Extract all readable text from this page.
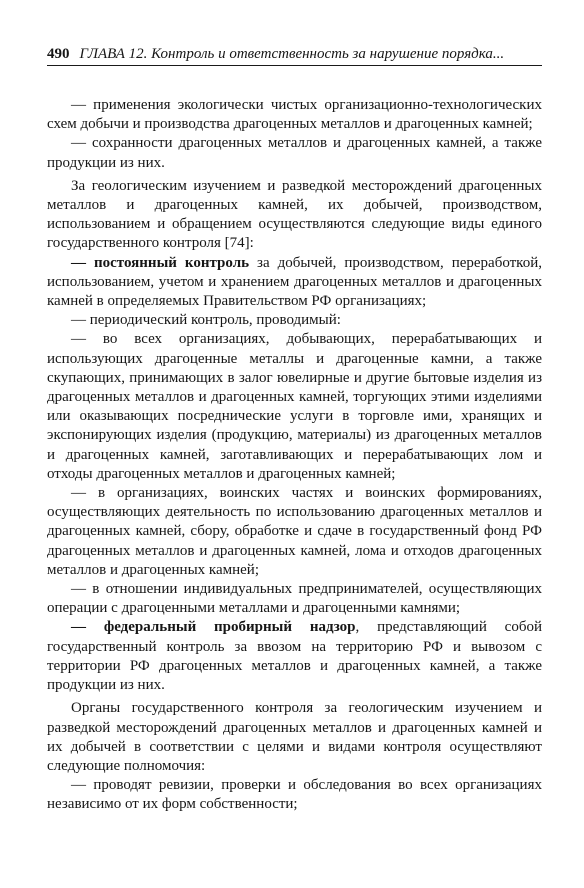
490 ГЛАВА 12. Контроль и ответственность за нарушение порядка...

— применения экологически чистых организационно-технологических схем добычи и производства драгоценных металлов и драгоценных камней;

— сохранности драгоценных металлов и драгоценных камней, а также продукции из них.

За геологическим изучением и разведкой месторождений драгоценных металлов и драгоценных камней, их добычей, производством, использованием и обращением осуществляются следующие виды единого государственного контроля [74]:

— постоянный контроль за добычей, производством, переработкой, использованием, учетом и хранением драгоценных металлов и драгоценных камней в определяемых Правительством РФ организациях;

— периодический контроль, проводимый:

— во всех организациях, добывающих, перерабатывающих и использующих драгоценные металлы и драгоценные камни, а также скупающих, принимающих в залог ювелирные и другие бытовые изделия из драгоценных металлов и драгоценных камней, торгующих этими изделиями или оказывающих посреднические услуги в торговле ими, хранящих и экспонирующих изделия (продукцию, материалы) из драгоценных металлов и драгоценных камней, заготавливающих и перерабатывающих лом и отходы драгоценных металлов и драгоценных камней;

— в организациях, воинских частях и воинских формированиях, осуществляющих деятельность по использованию драгоценных металлов и драгоценных камней, сбору, обработке и сдаче в государственный фонд РФ драгоценных металлов и драгоценных камней, лома и отходов драгоценных металлов и драгоценных камней;

— в отношении индивидуальных предпринимателей, осуществляющих операции с драгоценными металлами и драгоценными камнями;

— федеральный пробирный надзор, представляющий собой государственный контроль за ввозом на территорию РФ и вывозом с территории РФ драгоценных металлов и драгоценных камней, а также продукции из них.

Органы государственного контроля за геологическим изучением и разведкой месторождений драгоценных металлов и драгоценных камней и их добычей в соответствии с целями и видами контроля осуществляют следующие полномочия:

— проводят ревизии, проверки и обследования во всех организациях независимо от их форм собственности;
